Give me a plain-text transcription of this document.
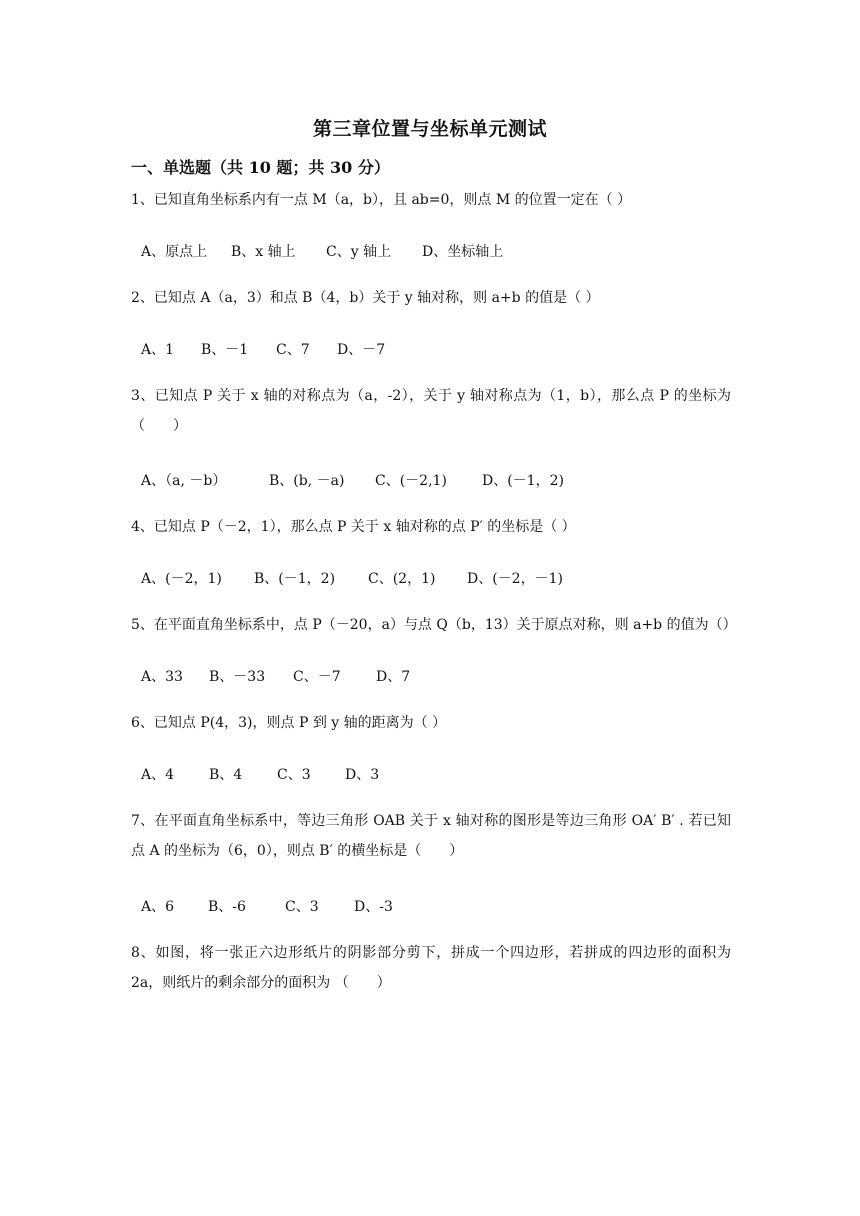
第三章位置与坐标单元测试
一、单选题（共 10 题；共 30 分）
1、已知直角坐标系内有一点 M（a，b），且 ab=0，则点 M 的位置一定在（ ）
A、原点上 B、x 轴上 C、y 轴上 D、坐标轴上
2、已知点 A（a，3）和点 B（4，b）关于 y 轴对称，则 a+b 的值是（ ）
A、1 B、－1 C、7 D、－7
3、已知点 P 关于 x 轴的对称点为（a，-2），关于 y 轴对称点为（1，b），那么点 P 的坐标为（　　）
A、（a, －b）	B、(b, －a) C、(－2,1)	D、(－1，2)
4、已知点 P（－2，1），那么点 P 关于 x 轴对称的点 P′ 的坐标是（ ）
A、(－2，1) B、(－1，2) C、(2，1) D、(－2，－1)
5、在平面直角坐标系中，点 P（－20，a）与点 Q（b，13）关于原点对称，则 a+b 的值为（）
A、33 B、－33 C、－7	D、7
6、已知点 P(4，3)，则点 P 到 y 轴的距离为（ ）
A、4 B、4 C、3 D、3
7、在平面直角坐标系中，等边三角形 OAB 关于 x 轴对称的图形是等边三角形 OA′ B′ . 若已知点 A 的坐标为（6，0），则点 B′ 的横坐标是（　　）
A、6 B、-6	C、3	D、-3
8、如图，将一张正六边形纸片的阴影部分剪下，拼成一个四边形，若拼成的四边形的面积为 2a，则纸片的剩余部分的面积为 （　　）
